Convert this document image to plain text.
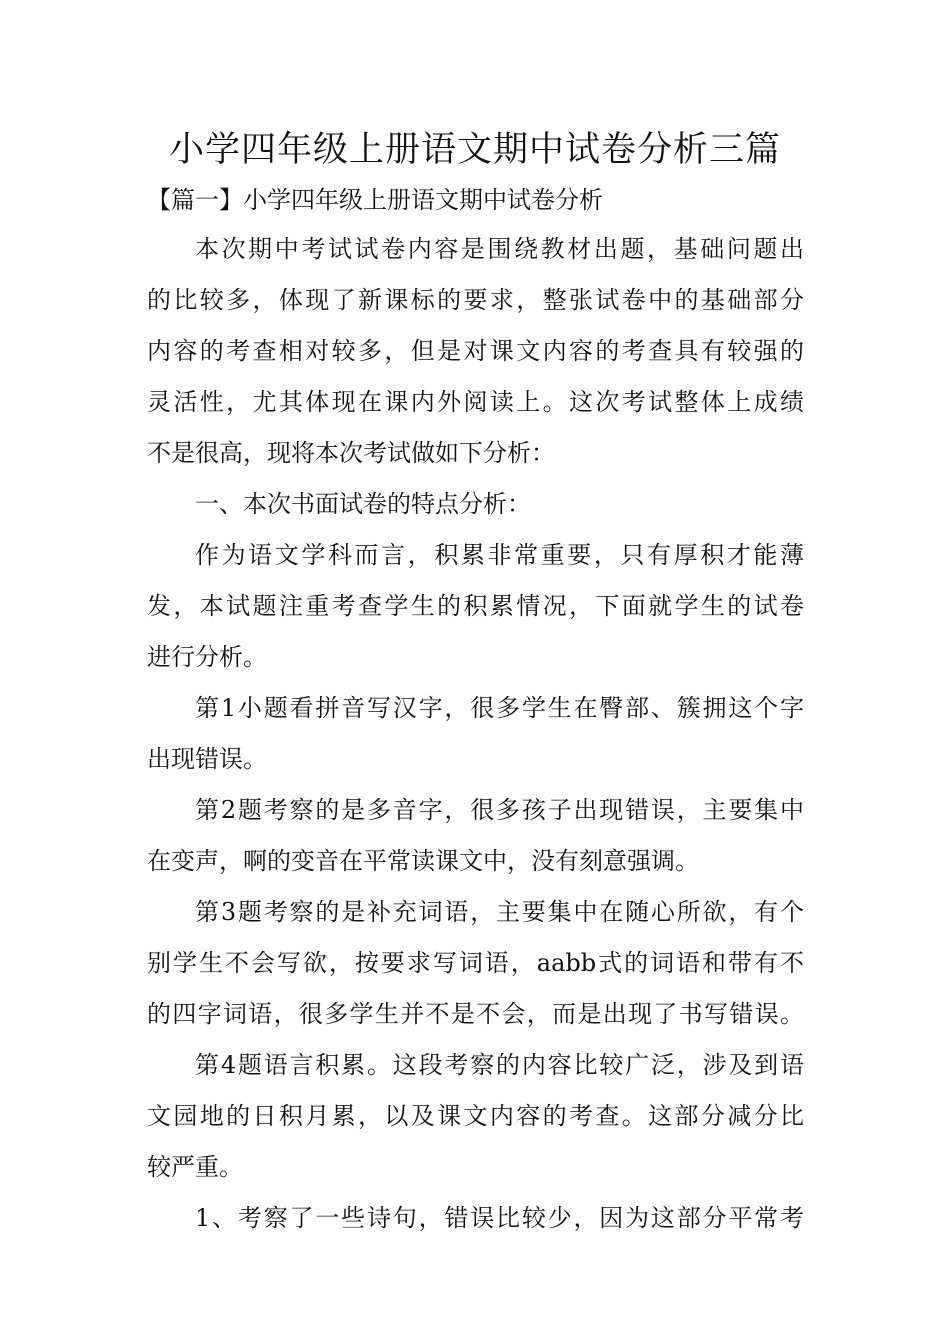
小学四年级上册语文期中试卷分析三篇
【篇一】小学四年级上册语文期中试卷分析
本次期中考试试卷内容是围绕教材出题，基础问题出
的比较多，体现了新课标的要求，整张试卷中的基础部分
内容的考查相对较多，但是对课文内容的考查具有较强的
灵活性，尤其体现在课内外阅读上。这次考试整体上成绩
不是很高，现将本次考试做如下分析：
一、本次书面试卷的特点分析：
作为语文学科而言，积累非常重要，只有厚积才能薄
发，本试题注重考查学生的积累情况，下面就学生的试卷
进行分析。
第1小题看拼音写汉字，很多学生在臀部、簇拥这个字
出现错误。
第2题考察的是多音字，很多孩子出现错误，主要集中
在变声，啊的变音在平常读课文中，没有刻意强调。
第3题考察的是补充词语，主要集中在随心所欲，有个
别学生不会写欲，按要求写词语，aabb式的词语和带有不
的四字词语，很多学生并不是不会，而是出现了书写错误。
第4题语言积累。这段考察的内容比较广泛，涉及到语
文园地的日积月累，以及课文内容的考查。这部分减分比
较严重。
1、考察了一些诗句，错误比较少，因为这部分平常考
